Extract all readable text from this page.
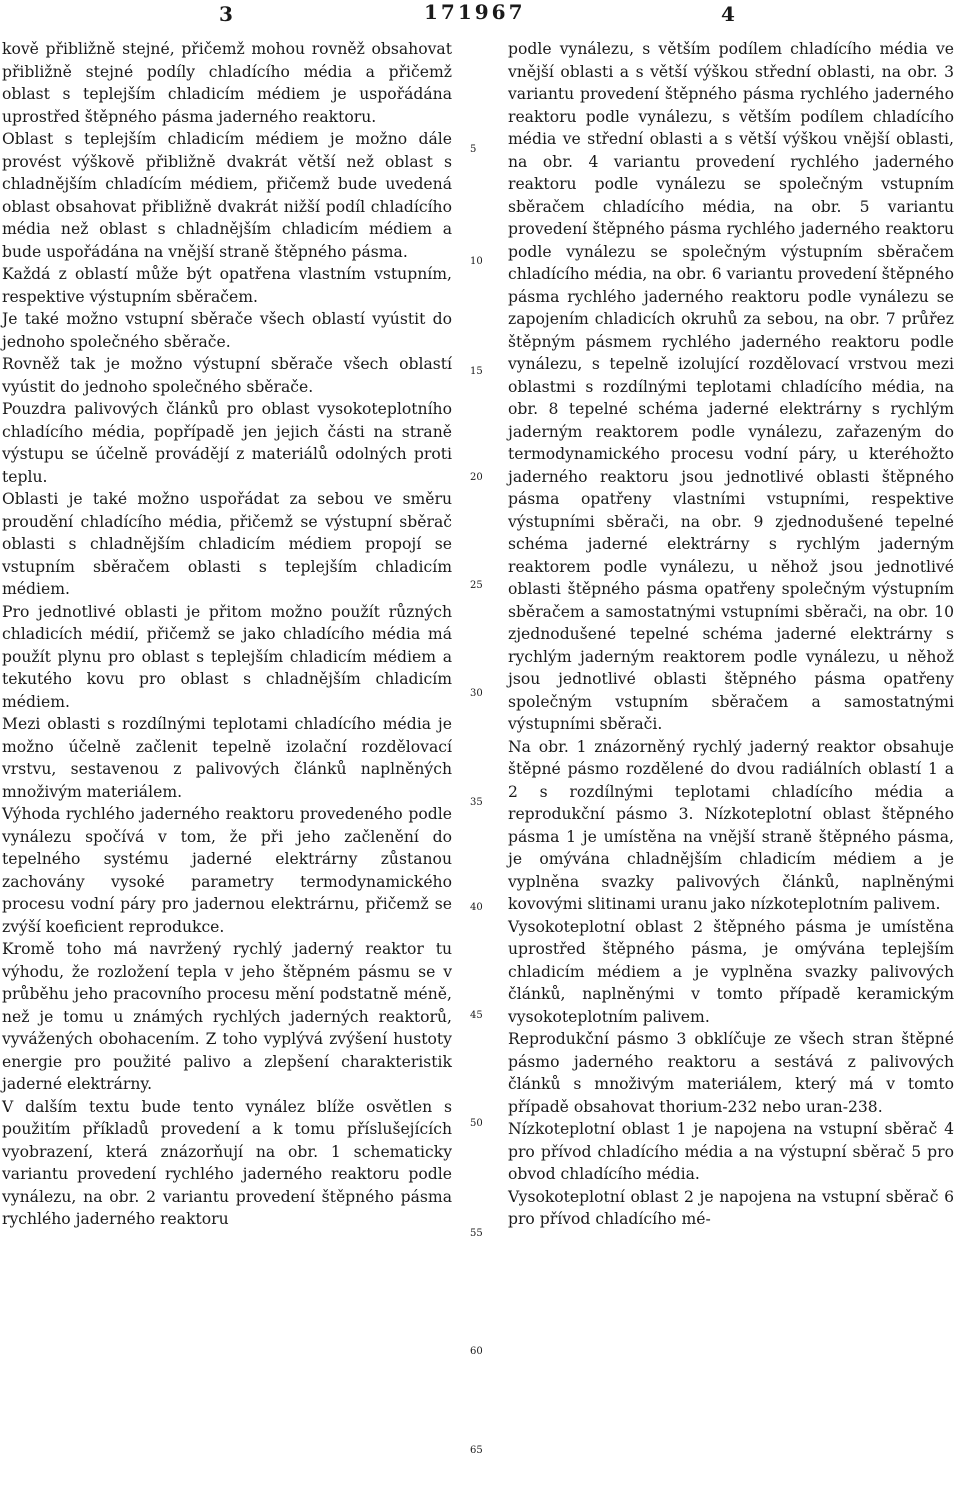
3	171967	4

kově přibližně stejné, přičemž mohou rovněž obsahovat přibližně stejné podíly chladícího média a přičemž oblast s teplejším chladicím médiem je uspořádána uprostřed štěpného pásma jaderného reaktoru.

Oblast s teplejším chladicím médiem je možno dále provést výškově přibližně dvakrát větší než oblast s chladnějším chladícím médiem, přičemž bude uvedená oblast obsahovat přibližně dvakrát nižší podíl chladícího média než oblast s chladnějším chladicím médiem a bude uspořádána na vnější straně štěpného pásma.

Každá z oblastí může být opatřena vlastním vstupním, respektive výstupním sběračem.

Je také možno vstupní sběrače všech oblastí vyústit do jednoho společného sběrače.

Rovněž tak je možno výstupní sběrače všech oblastí vyústit do jednoho společného sběrače.

Pouzdra palivových článků pro oblast vysokoteplotního chladícího média, popřípadě jen jejich části na straně výstupu se účelně provádějí z materiálů odolných proti teplu.

Oblasti je také možno uspořádat za sebou ve směru proudění chladícího média, přičemž se výstupní sběrač oblasti s chladnějším chladicím médiem propojí se vstupním sběračem oblasti s teplejším chladicím médiem.

Pro jednotlivé oblasti je přitom možno použít různých chladicích médií, přičemž se jako chladícího média má použít plynu pro oblast s teplejším chladicím médiem a tekutého kovu pro oblast s chladnějším chladicím médiem.

Mezi oblasti s rozdílnými teplotami chladícího média je možno účelně začlenit tepelně izolační rozdělovací vrstvu, sestavenou z palivových článků naplněných množivým materiálem.

Výhoda rychlého jaderného reaktoru provedeného podle vynálezu spočívá v tom, že při jeho začlenění do tepelného systému jaderné elektrárny zůstanou zachovány vysoké parametry termodynamického procesu vodní páry pro jadernou elektrárnu, přičemž se zvýší koeficient reprodukce.

Kromě toho má navržený rychlý jaderný reaktor tu výhodu, že rozložení tepla v jeho štěpném pásmu se v průběhu jeho pracovního procesu mění podstatně méně, než je tomu u známých rychlých jaderných reaktorů, vyvážených obohacením. Z toho vyplývá zvýšení hustoty energie pro použité palivo a zlepšení charakteristik jaderné elektrárny.

V dalším textu bude tento vynález blíže osvětlen s použitím příkladů provedení a k tomu příslušejících vyobrazení, která znázorňují na obr. 1 schematicky variantu provedení rychlého jaderného reaktoru podle vynálezu, na obr. 2 variantu provedení štěpného pásma rychlého jaderného reaktoru

5
10
15
20
25
30
35
40
45
50
55
60
65

podle vynálezu, s větším podílem chladícího média ve vnější oblasti a s větší výškou střední oblasti, na obr. 3 variantu provedení štěpného pásma rychlého jaderného reaktoru podle vynálezu, s větším podílem chladícího média ve střední oblasti a s větší výškou vnější oblasti, na obr. 4 variantu provedení rychlého jaderného reaktoru podle vynálezu se společným vstupním sběračem chladícího média, na obr. 5 variantu provedení štěpného pásma rychlého jaderného reaktoru podle vynálezu se společným výstupním sběračem chladícího média, na obr. 6 variantu provedení štěpného pásma rychlého jaderného reaktoru podle vynálezu se zapojením chladicích okruhů za sebou, na obr. 7 průřez štěpným pásmem rychlého jaderného reaktoru podle vynálezu, s tepelně izolující rozdělovací vrstvou mezi oblastmi s rozdílnými teplotami chladícího média, na obr. 8 tepelné schéma jaderné elektrárny s rychlým jaderným reaktorem podle vynálezu, zařazeným do termodynamického procesu vodní páry, u kteréhožto jaderného reaktoru jsou jednotlivé oblasti štěpného pásma opatřeny vlastními vstupními, respektive výstupními sběrači, na obr. 9 zjednodušené tepelné schéma jaderné elektrárny s rychlým jaderným reaktorem podle vynálezu, u něhož jsou jednotlivé oblasti štěpného pásma opatřeny společným výstupním sběračem a samostatnými vstupními sběrači, na obr. 10 zjednodušené tepelné schéma jaderné elektrárny s rychlým jaderným reaktorem podle vynálezu, u něhož jsou jednotlivé oblasti štěpného pásma opatřeny společným vstupním sběračem a samostatnými výstupními sběrači.

Na obr. 1 znázorněný rychlý jaderný reaktor obsahuje štěpné pásmo rozdělené do dvou radiálních oblastí 1 a 2 s rozdílnými teplotami chladícího média a reprodukční pásmo 3. Nízkoteplotní oblast štěpného pásma 1 je umístěna na vnější straně štěpného pásma, je omývána chladnějším chladicím médiem a je vyplněna svazky palivových článků, naplněnými kovovými slitinami uranu jako nízkoteplotním palivem.

Vysokoteplotní oblast 2 štěpného pásma je umístěna uprostřed štěpného pásma, je omývána teplejším chladicím médiem a je vyplněna svazky palivových článků, naplněnými v tomto případě keramickým vysokoteplotním palivem.

Reprodukční pásmo 3 obklíčuje ze všech stran štěpné pásmo jaderného reaktoru a sestává z palivových článků s množivým materiálem, který má v tomto případě obsahovat thorium-232 nebo uran-238.

Nízkoteplotní oblast 1 je napojena na vstupní sběrač 4 pro přívod chladícího média a na výstupní sběrač 5 pro obvod chladícího média.

Vysokoteplotní oblast 2 je napojena na vstupní sběrač 6 pro přívod chladícího mé-
